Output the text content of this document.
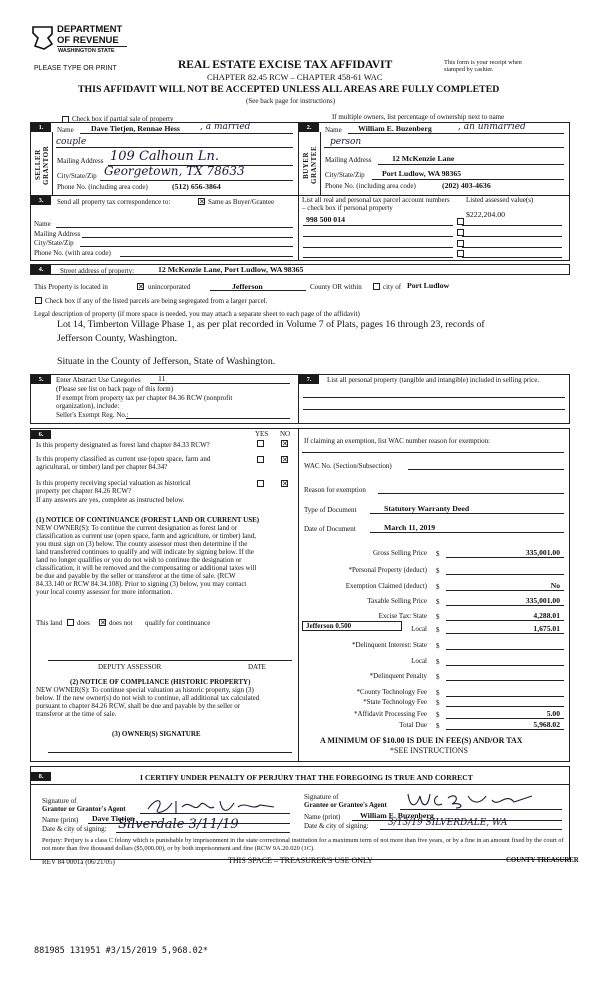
DEPARTMENT
OF REVENUE
WASHINGTON STATE
PLEASE TYPE OR PRINT	REAL ESTATE EXCISE TAX AFFIDAVIT
CHAPTER 82.45 RCW – CHAPTER 458-61 WAC
THIS AFFIDAVIT WILL NOT BE ACCEPTED UNLESS ALL AREAS ARE FULLY COMPLETED
(See back page for instructions)
This form is your receipt when stamped by cashier.
Check box if partial sale of property	If multiple owners, list percentage of ownership next to name
1.	2.
SELLER GRANTOR	BUYER GRANTEE
Name Dave Tietjen, Rennae Hess , a married
couple
Mailing Address 109 Calhoun Ln.
City/State/Zip Georgetown, TX 78633
Phone No. (including area code)	(512) 656-3864
Name William E. Buzenberg	, an unmarried
person
Mailing Address	12 McKenzie Lane
City/State/Zip Port Ludlow, WA 98365
Phone No. (including area code)	(202) 403-4636
3.	Send all property tax correspondence to:	✕ Same as Buyer/Grantee
Name
Mailing Address
City/State/Zip
Phone No. (with area code)
List all real and personal tax parcel account numbers – check box if personal property
Listed assessed value(s)
998 500 014
$222,204.00
4.	Street address of property:	12 McKenzie Lane, Port Ludlow, WA 98365
This Property is located in	✕ unincorporated	Jefferson	County OR within	city of Port Ludlow
Check box if any of the listed parcels are being segregated from a larger parcel.
Legal description of property (if more space is needed, you may attach a separate sheet to each page of the affidavit)
Lot 14, Timberton Village Phase 1, as per plat recorded in Volume 7 of Plats, pages 16 through 23, records of
Jefferson County, Washington.
Situate in the County of Jefferson, State of Washington.
5.	Enter Abstract Use Categories 11
(Please see list on back page of this form)
If exempt from property tax per chapter 84.36 RCW (nonprofit
organization), include:
Seller's Exempt Reg. No.:
7.	List all personal property (tangible and intangible) included in selling price.
6.	YES NO
Is this property designated as forest land chapter 84.33 RCW?	✕
Is this property classified as current use (open space, farm and
agricultural, or timber) land per chapter 84.34?
✕
Is this property receiving special valuation as historical
property per chapter 84.26 RCW?
✕
If any answers are yes, complete as instructed below.
(1) NOTICE OF CONTINUANCE (FOREST LAND OR CURRENT USE)
NEW OWNER(S): To continue the current designation as forest land or
classification as current use (open space, farm and agriculture, or timber) land,
you must sign on (3) below. The county assessor must then determine if the
land transferred continues to qualify and will indicate by signing below. If the
land no longer qualifies or you do not wish to continue the designation or
classification, it will be removed and the compensating or additional taxes will
be due and payable by the seller or transferor at the time of sale. (RCW
84.33.140 or RCW 84.34.108). Prior to signing (3) below, you may contact
your local county assessor for more information.
This land does ✕ does not qualify for continuance
DEPUTY ASSESSOR	DATE
(2) NOTICE OF COMPLIANCE (HISTORIC PROPERTY)
NEW OWNER(S): To continue special valuation as historic property, sign (3)
below. If the new owner(s) do not wish to continue, all additional tax calculated
pursuant to chapter 84.26 RCW, shall be due and payable by the seller or
transferor at the time of sale.
(3) OWNER(S) SIGNATURE
If claiming an exemption, list WAC number reason for exemption:
WAC No. (Section/Subsection)
Reason for exemption
Type of Document	Statutory Warranty Deed
Date of Document	March 11, 2019
Gross Selling Price $	335,001.00
*Personal Property (deduct) $
Exemption Claimed (deduct) $	No
Taxable Selling Price $	335,001.00
Excise Tax: State $	4,288.01
Local $	1,675.01
*Delinquent Interest: State $
Local $
*Delinquent Penalty $
*County Technology Fee $
*State Technology Fee $
*Affidavit Processing Fee $	5.00
Total Due $	5,968.02
Jefferson 0.500
A MINIMUM OF $10.00 IS DUE IN FEE(S) AND/OR TAX
*SEE INSTRUCTIONS
8.	I CERTIFY UNDER PENALTY OF PERJURY THAT THE FOREGOING IS TRUE AND CORRECT
Signature of
Grantor or Grantor's Agent
Name (print) Dave Tietjen
Date & city of signing: Silverdale 3/11/19
Signature of
Grantee or Grantee's Agent
Name (print)	William E. Buzenberg
Date & city of signing: 3/13/19 SILVERDALE, WA
Perjury: Perjury is a class C felony which is punishable by imprisonment in the state correctional institution for a maximum term of not more than five years, or by a fine in an amount fixed by the court of not more than five thousand dollars ($5,000.00), or by both imprisonment and fine (RCW 9A.20.020 (1C).
REV 84 0001a (06/21/05)	THIS SPACE – TREASURER'S USE ONLY	COUNTY TREASURER
881985 131951 #3/15/2019 5,968.02*
